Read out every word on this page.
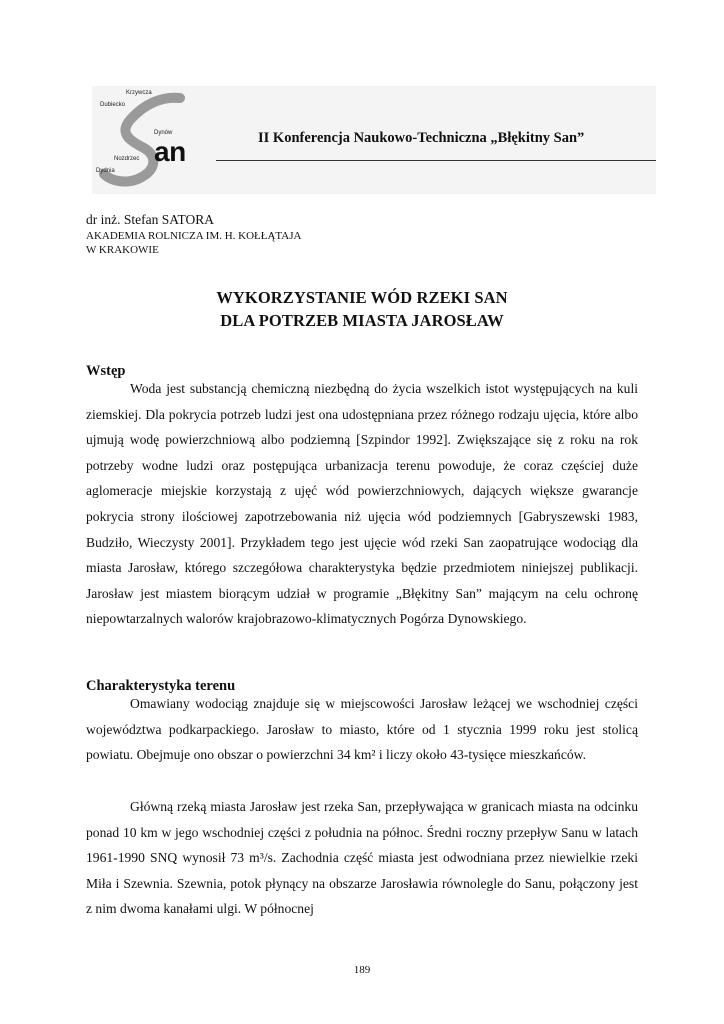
Krzywcza
Dubiecko
Dynów
Nozdrzec
Dydnia
an	II Konferencja Naukowo-Techniczna „Błękitny San”
dr inż. Stefan SATORA
AKADEMIA ROLNICZA IM. H. KOŁŁĄTAJA
W KRAKOWIE
WYKORZYSTANIE WÓD RZEKI SAN
DLA POTRZEB MIASTA JAROSŁAW
Wstęp

Woda jest substancją chemiczną niezbędną do życia wszelkich istot występujących na kuli ziemskiej. Dla pokrycia potrzeb ludzi jest ona udostępniana przez różnego rodzaju ujęcia, które albo ujmują wodę powierzchniową albo podziemną [Szpindor 1992]. Zwiększające się z roku na rok potrzeby wodne ludzi oraz postępująca urbanizacja terenu powoduje, że coraz częściej duże aglomeracje miejskie korzystają z ujęć wód powierzchniowych, dających większe gwarancje pokrycia strony ilościowej zapotrzebowania niż ujęcia wód podziemnych [Gabryszewski 1983, Budziło, Wieczysty 2001]. Przykładem tego jest ujęcie wód rzeki San zaopatrujące wodociąg dla miasta Jarosław, którego szczegółowa charakterystyka będzie przedmiotem niniejszej publikacji. Jarosław jest miastem biorącym udział w programie „Błękitny San” mającym na celu ochronę niepowtarzalnych walorów krajobrazowo-klimatycznych Pogórza Dynowskiego.

Charakterystyka terenu

Omawiany wodociąg znajduje się w miejscowości Jarosław leżącej we wschodniej części województwa podkarpackiego. Jarosław to miasto, które od 1 stycznia 1999 roku jest stolicą powiatu. Obejmuje ono obszar o powierzchni 34 km² i liczy około 43-tysięce mieszkańców.

Główną rzeką miasta Jarosław jest rzeka San, przepływająca w granicach miasta na odcinku ponad 10 km w jego wschodniej części z południa na północ. Średni roczny przepływ Sanu w latach 1961-1990 SNQ wynosił 73 m³/s. Zachodnia część miasta jest odwodniana przez niewielkie rzeki Miła i Szewnia. Szewnia, potok płynący na obszarze Jarosławia równolegle do Sanu, połączony jest z nim dwoma kanałami ulgi. W północnej

189
